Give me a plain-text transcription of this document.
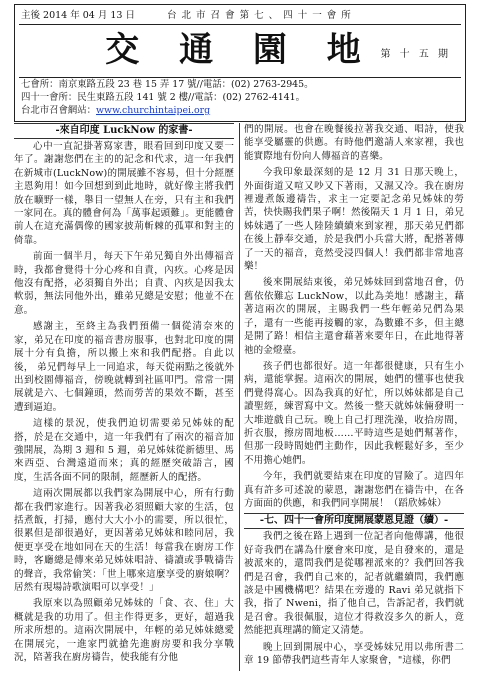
主後 2014 年 04 月 13 日	台 北 市 召 會 第 七 、 四 十 一 會 所
交 通 園 地 第 十 五 期
七會所：南京東路五段 23 巷 15 弄 17 號//電話：(02) 2763-2945。
四十一會所：民生東路五段 141 號 2 樓//電話：(02) 2762-4141。
台北市召會網站：www.churchintaipei.org
-來自印度 LuckNow 的家書-

心中一直記掛著寫家書，眼看回到印度又要一年了。謝謝您們在主的的記念和代求，這一年我們在新城市(LuckNow)的開展雖不容易，但十分經歷主恩夠用！如今回想到到此地時，就好像主將我們放在曠野一樣，舉目一望無人在旁，只有主和我們一家同在。真的體會何為「萬事起頭難」。更能體會前人在這充滿偶像的國家披荊斬棘的孤單和對主的倚靠。

前面一個半月，每天下午弟兄獨自外出傳福音時，我都會覺得十分心疼和自責，內疚。心疼是因他沒有配搭，必須獨自外出；自責、內疚是因我太軟弱，無法同他外出，雖弟兄總是安慰；他並不在意。

感謝主，至終主為我們預備一個從清奈來的家，弟兄在印度的福音書房服事，也對北印度的開展十分有負擔，所以搬上來和我們配搭。自此以後， 弟兄們每早上一同追求，每天從兩點之後就外出到校園傳福音，傍晚就轉到社區叩門。常常一開展就是六、七個鐘頭，然而勞苦的果效不斷，甚至遭到逼迫。

這樣的景況，使我們迫切需要弟兄姊妹的配搭，於是在交通中，這一年我們有了兩次的福音加強開展，為期 3 週和 5 週，弟兄姊妹從新德里、馬來西亞、台灣遠道而來；真的經歷突破語言，國度，生活各面不同的限制，經歷新人的配搭。

這兩次開展都以我們家為開展中心，所有行動都在我們家進行。因著我必須照顧大家的生活，包括煮飯，打掃，應付大大小小的需要，所以很忙，很累但是卻很過好，更因著弟兄姊妹和睦同居，我便更享受在地如同在天的生活！每當我在廚房工作時，客廳總是傳來弟兄姊妹唱詩、禱讀或爭戰禱告的聲音，我常偷笑：「世上哪來這麼享受的廚娘啊？居然有現場詩歌演唱可以享受！」

我原來以為照顧弟兄姊妹的「食、衣、住」大概就是我的功用了。但主作得更多，更好，超過我所求所想的。這兩次開展中，年輕的弟兄姊妹總愛在開展完，一進家門就搶先進廚房要和我分享戰況，陪著我在廚房禱告，使我能有分他

們的開展。也會在晚餐後拉著我交通、唱詩，使我能享受屬靈的供應。有時他們邀請人來家裡，我也能實際地有份向人傳福音的喜樂。

今我印象最深刻的是 12 月 31 日那天晚上，外面街道又喧又吵又下著雨，又濕又冷。我在廚房裡邊煮飯邊禱告，求主一定要記念弟兄姊妹的勞苦，快快賜我們果子啊！然後隔天 1 月 1 日，弟兄姊妹遇了一些人陸陸續續來到家裡，那天弟兄們都在後上靜奉交通，於是我們小兵當大將，配搭著傳了一天的福音，竟然受浸四個人！我們都非常地喜樂！

後來開展結束後，弟兄姊妹回到當地召會，仍舊依依難忘 LuckNow，以此為美地！感謝主，藉著這兩次的開展，主賜我們一些年輕弟兄們為果子，還有一些能再接觸的家，為數雖不多，但主總是開了路！相信主還會藉著來要年日，在此地得著祂的金燈臺。

孩子們也都很好。這一年都很健康，只有生小病，還能掌握。這兩次的開展，她們的懂事也使我們覺得窩心。因為我真的好忙，所以姊妹都是自己讀聖經，練習寫中文。然後一整天就姊妹倆發明一大堆遊戲自己玩。晚上自己打理洗澡，收拾房間，折衣服，擦房間地板……平時這些是她們幫著作，但那一段時間她們主動作，因此我輕鬆好多，至少不用擔心她們。

今年，我們就要結束在印度的冒險了。這四年真有許多可述說的蒙恩，謝謝您們在禱告中，在各方面面的供應，和我們同享開展！（蹈欣姊妹）

-七、四十一會所印度開展蒙恩見證（續）-

我們之後在路上遇到一位記者向他傳講，他很好奇我們在講為什麼會來印度，是自發來的，還是被派來的，還問我們是從哪裡派來的？我們回答我們是召會，我們自己來的，記者就繼續問，我們應該是中國機構吧？結果在旁邊的 Ravi 弟兄就指下我，指了 Nweni，指了他自己，告訴記者，我們就是召會。我很佩服，這位才得救沒多久的新人，竟然能把真理講的簡定又清楚。

晚上回到開展中心，享受姊妹兄用以弗所書二章 19 節帶我們這些青年人家聚會，"這樣，你們
